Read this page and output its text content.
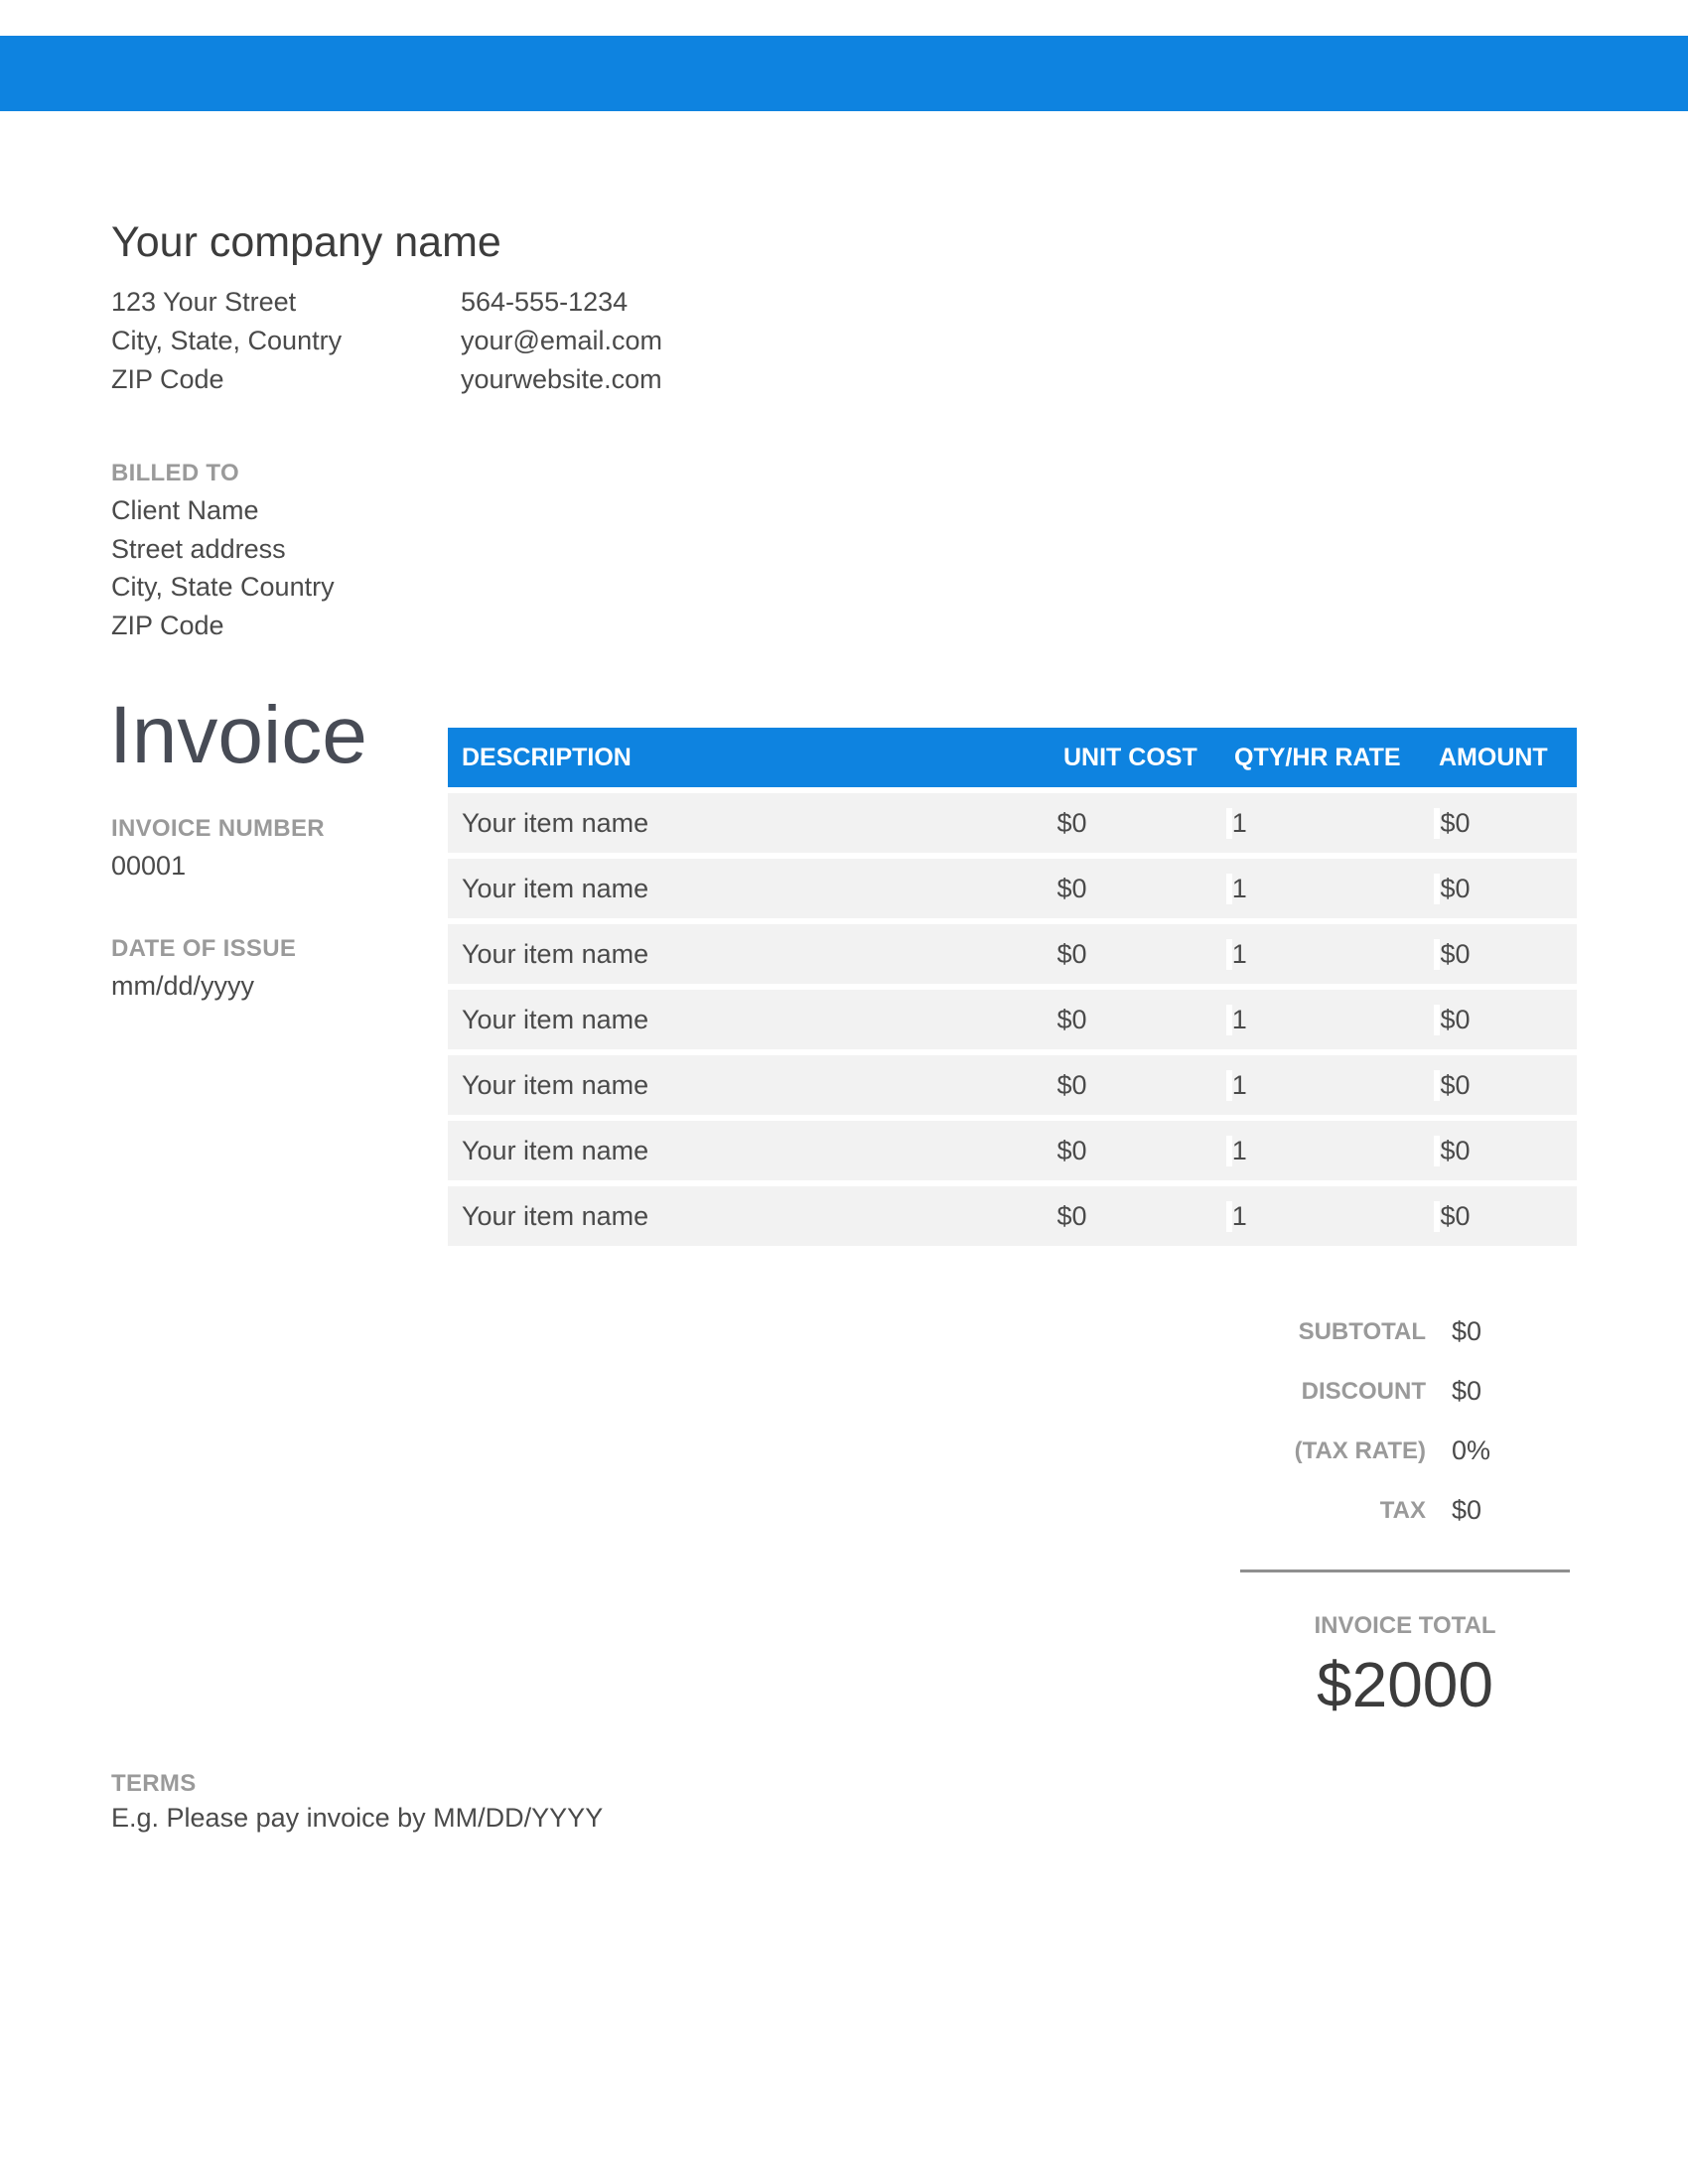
Your company name
123 Your Street
City, State, Country
ZIP Code
564-555-1234
your@email.com
yourwebsite.com
BILLED TO
Client Name
Street address
City, State Country
ZIP Code
Invoice
INVOICE NUMBER
00001
DATE OF ISSUE
mm/dd/yyyy
DESCRIPTION	UNIT COST	QTY/HR RATE	AMOUNT
Your item name	$0	1	$0
Your item name	$0	1	$0
Your item name	$0	1	$0
Your item name	$0	1	$0
Your item name	$0	1	$0
Your item name	$0	1	$0
Your item name	$0	1	$0
SUBTOTAL $0
DISCOUNT $0
(TAX RATE) 0%
TAX $0
INVOICE TOTAL
$2000
TERMS
E.g. Please pay invoice by MM/DD/YYYY
